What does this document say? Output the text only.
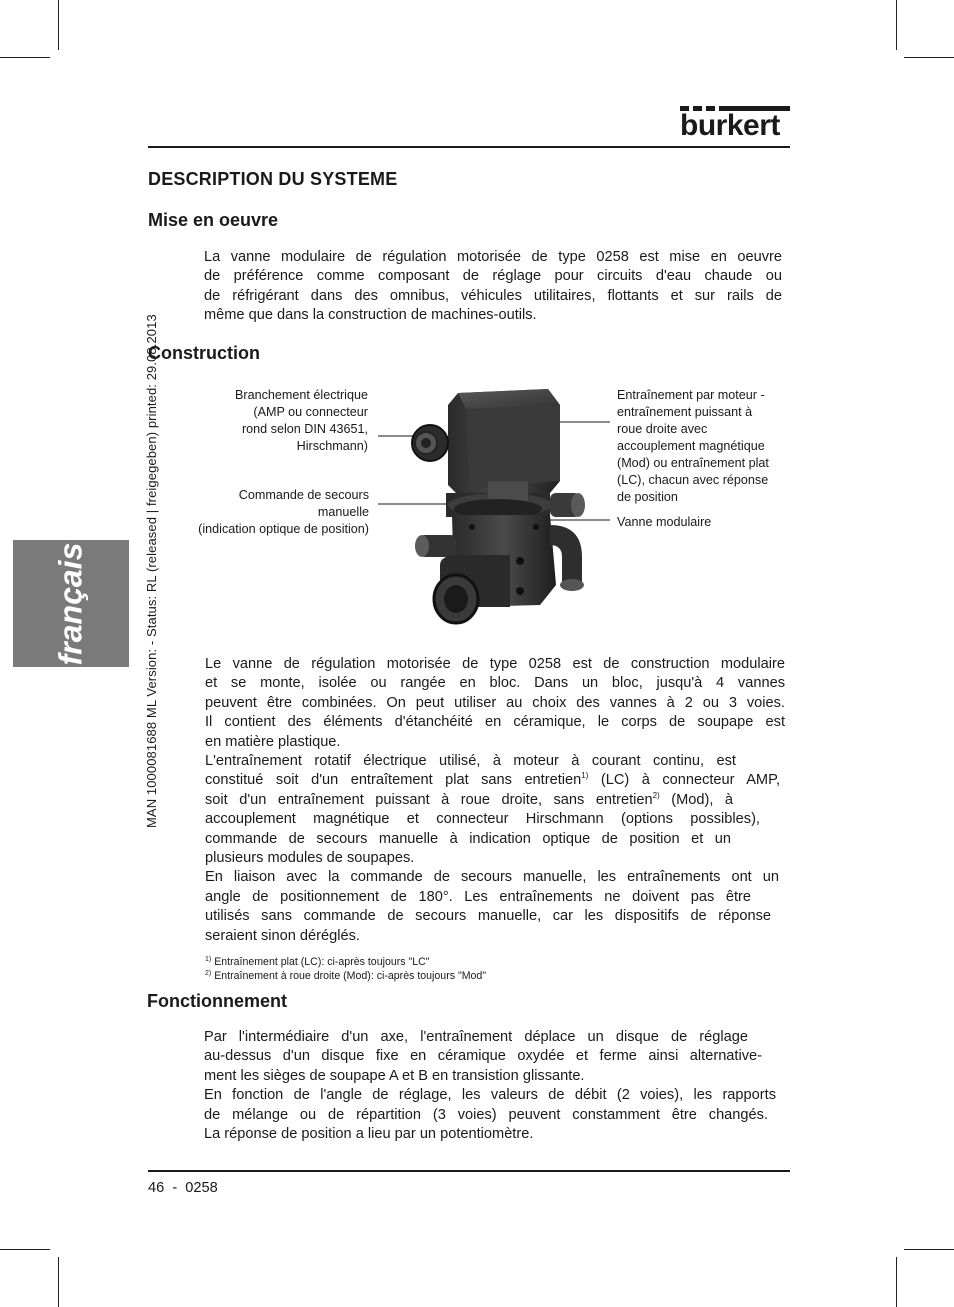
burkert
français	MAN 1000081688 ML Version: - Status: RL (released | freigegeben) printed: 29.08.2013
DESCRIPTION DU SYSTEME
Mise en oeuvre
La vanne modulaire de régulation motorisée de type 0258 est mise en oeuvre
de préférence comme composant de réglage pour circuits d'eau chaude ou
de réfrigérant dans des omnibus, véhicules utilitaires, flottants et sur rails de
même que dans la construction de machines-outils.
Construction
Branchement électrique
(AMP ou connecteur
rond selon DIN 43651,
Hirschmann)
Commande de secours
manuelle
(indication optique de position)
Entraînement par moteur -
entraînement puissant à
roue droite avec
accouplement magnétique
(Mod) ou entraînement plat
(LC), chacun avec réponse
de position
Vanne modulaire
Le vanne de régulation motorisée de type 0258 est de construction modulaire
et se monte, isolée ou rangée en bloc. Dans un bloc, jusqu'à 4 vannes
peuvent être combinées. On peut utiliser au choix des vannes à 2 ou 3 voies.
Il contient des éléments d'étanchéité en céramique, le corps de soupape est
en matière plastique.
L'entraînement rotatif électrique utilisé, à moteur à courant continu, est
constitué soit d'un entraîtement plat sans entretien$^{1)}$ (LC) à connecteur AMP,
soit d'un entraînement puissant à roue droite, sans entretien$^{2)}$ (Mod), à
accouplement magnétique et connecteur Hirschmann (options possibles),
commande de secours manuelle à indication optique de position et un
plusieurs modules de soupapes.
En liaison avec la commande de secours manuelle, les entraînements ont un
angle de positionnement de 180°. Les entraînements ne doivent pas être
utilisés sans commande de secours manuelle, car les dispositifs de réponse
seraient sinon déréglés.
$^{1)}$ Entraînement plat (LC): ci-après toujours "LC"
$^{2)}$ Entraînement à roue droite (Mod): ci-après toujours "Mod"
Fonctionnement
Par l'intermédiaire d'un axe, l'entraînement déplace un disque de réglage
au-dessus d'un disque fixe en céramique oxydée et ferme ainsi alternative-
ment les sièges de soupape A et B en transistion glissante.
En fonction de l'angle de réglage, les valeurs de débit (2 voies), les rapports
de mélange ou de répartition (3 voies) peuvent constamment être changés.
La réponse de position a lieu par un potentiomètre.
46  -  0258
